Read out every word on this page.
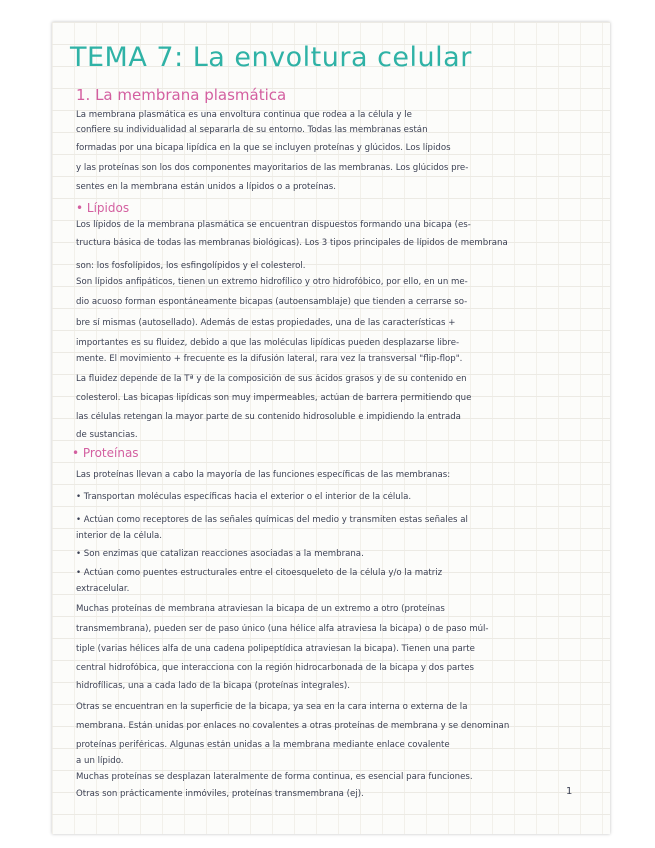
TEMA 7: La envoltura celular
1. La membrana plasmática
La membrana plasmática es una envoltura continua que rodea a la célula y le
confiere su individualidad al separarla de su entorno. Todas las membranas están
formadas por una bicapa lipídica en la que se incluyen proteínas y glúcidos. Los lípidos
y las proteínas son los dos componentes mayoritarios de las membranas. Los glúcidos pre-
sentes en la membrana están unidos a lípidos o a proteínas.
• Lípidos
Los lípidos de la membrana plasmática se encuentran dispuestos formando una bicapa (es-
tructura básica de todas las membranas biológicas). Los 3 tipos principales de lípidos de membrana
son: los fosfolípidos, los esfingolípidos y el colesterol.
Son lípidos anfipáticos, tienen un extremo hidrofílico y otro hidrofóbico, por ello, en un me-
dio acuoso forman espontáneamente bicapas (autoensamblaje) que tienden a cerrarse so-
bre sí mismas (autosellado). Además de estas propiedades, una de las características +
importantes es su fluidez, debido a que las moléculas lipídicas pueden desplazarse libre-
mente. El movimiento + frecuente es la difusión lateral, rara vez la transversal "flip-flop".
La fluidez depende de la Tª y de la composición de sus ácidos grasos y de su contenido en
colesterol. Las bicapas lipídicas son muy impermeables, actúan de barrera permitiendo que
las células retengan la mayor parte de su contenido hidrosoluble e impidiendo la entrada
de sustancias.
• Proteínas
Las proteínas llevan a cabo la mayoría de las funciones específicas de las membranas:
• Transportan moléculas específicas hacia el exterior o el interior de la célula.
• Actúan como receptores de las señales químicas del medio y transmiten estas señales al
interior de la célula.
• Son enzimas que catalizan reacciones asociadas a la membrana.
• Actúan como puentes estructurales entre el citoesqueleto de la célula y/o la matriz
extracelular.
Muchas proteínas de membrana atraviesan la bicapa de un extremo a otro (proteínas
transmembrana), pueden ser de paso único (una hélice alfa atraviesa la bicapa) o de paso múl-
tiple (varias hélices alfa de una cadena polipeptídica atraviesan la bicapa). Tienen una parte
central hidrofóbica, que interacciona con la región hidrocarbonada de la bicapa y dos partes
hidrofílicas, una a cada lado de la bicapa (proteínas integrales).
Otras se encuentran en la superficie de la bicapa, ya sea en la cara interna o externa de la
membrana. Están unidas por enlaces no covalentes a otras proteínas de membrana y se denominan
proteínas periféricas. Algunas están unidas a la membrana mediante enlace covalente
a un lípido.
Muchas proteínas se desplazan lateralmente de forma continua, es esencial para funciones.
Otras son prácticamente inmóviles, proteínas transmembrana (ej).	1
